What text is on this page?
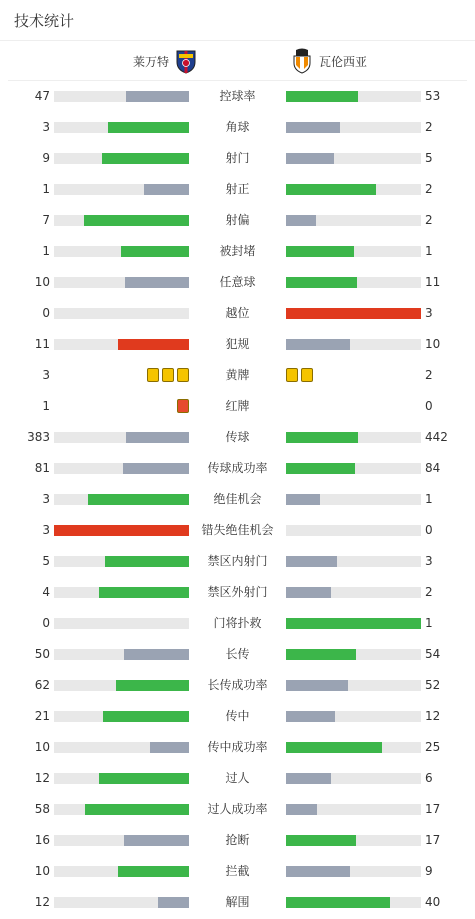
技术统计
莱万特	瓦伦西亚
47	控球率	53
3	角球	2
9	射门	5
1	射正	2
7	射偏	2
1	被封堵	1
10	任意球	11
0	越位	3
11	犯规	10
3	黄牌	2
1	红牌	0
383	传球	442
81	传球成功率	84
3	绝佳机会	1
3	错失绝佳机会	0
5	禁区内射门	3
4	禁区外射门	2
0	门将扑救	1
50	长传	54
62	长传成功率	52
21	传中	12
10	传中成功率	25
12	过人	6
58	过人成功率	17
16	抢断	17
10	拦截	9
12	解围	40
